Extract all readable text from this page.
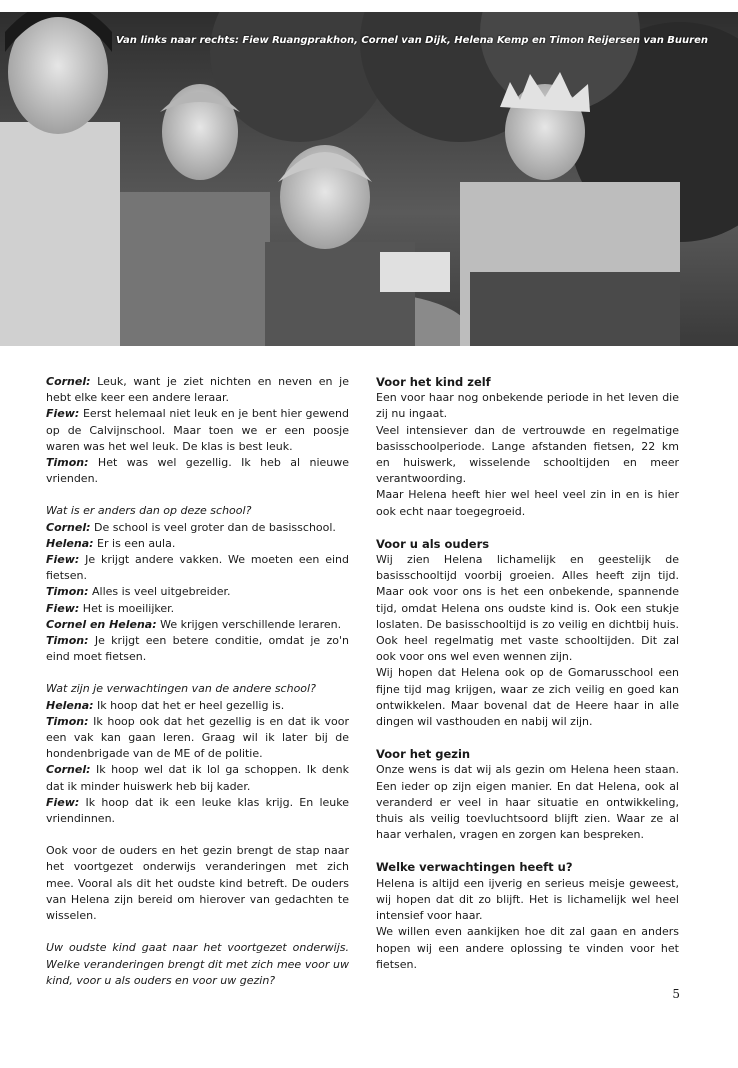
Van links naar rechts: Fiew Ruangprakhon, Cornel van Dijk, Helena Kemp en Timon Reijersen van Buuren

Cornel: Leuk, want je ziet nichten en neven en je hebt elke keer een andere leraar.

Fiew: Eerst helemaal niet leuk en je bent hier gewend op de Calvijnschool. Maar toen we er een poosje waren was het wel leuk. De klas is best leuk.

Timon: Het was wel gezellig. Ik heb al nieuwe vrienden.

Wat is er anders dan op deze school?

Cornel: De school is veel groter dan de basisschool.

Helena: Er is een aula.

Fiew: Je krijgt andere vakken. We moeten een eind fietsen.

Timon: Alles is veel uitgebreider.

Fiew: Het is moeilijker.

Cornel en Helena: We krijgen verschillende leraren.

Timon: Je krijgt een betere conditie, omdat je zo'n eind moet fietsen.

Wat zijn je verwachtingen van de andere school?

Helena: Ik hoop dat het er heel gezellig is.

Timon: Ik hoop ook dat het gezellig is en dat ik voor een vak kan gaan leren. Graag wil ik later bij de hondenbrigade van de ME of de politie.

Cornel: Ik hoop wel dat ik lol ga schoppen. Ik denk dat ik minder huiswerk heb bij kader.

Fiew: Ik hoop dat ik een leuke klas krijg. En leuke vriendinnen.

Ook voor de ouders en het gezin brengt de stap naar het voortgezet onderwijs veranderingen met zich mee. Vooral als dit het oudste kind betreft. De ouders van Helena zijn bereid om hierover van gedachten te wisselen.

Uw oudste kind gaat naar het voortgezet onderwijs. Welke veranderingen brengt dit met zich mee voor uw kind, voor u als ouders en voor uw gezin?

Voor het kind zelf

Een voor haar nog onbekende periode in het leven die zij nu ingaat.

Veel intensiever dan de vertrouwde en regelmatige basisschoolperiode. Lange afstanden fietsen, 22 km en huiswerk, wisselende schooltijden en meer verantwoording.

Maar Helena heeft hier wel heel veel zin in en is hier ook echt naar toegegroeid.

Voor u als ouders

Wij zien Helena lichamelijk en geestelijk de basisschooltijd voorbij groeien. Alles heeft zijn tijd. Maar ook voor ons is het een onbekende, spannende tijd, omdat Helena ons oudste kind is. Ook een stukje loslaten. De basisschooltijd is zo veilig en dichtbij huis. Ook heel regelmatig met vaste schooltijden. Dit zal ook voor ons wel even wennen zijn.

Wij hopen dat Helena ook op de Gomarusschool een fijne tijd mag krijgen, waar ze zich veilig en goed kan ontwikkelen. Maar bovenal dat de Heere haar in alle dingen wil vasthouden en nabij wil zijn.

Voor het gezin

Onze wens is dat wij als gezin om Helena heen staan. Een ieder op zijn eigen manier. En dat Helena, ook al veranderd er veel in haar situatie en ontwikkeling, thuis als veilig toevluchtsoord blijft zien. Waar ze al haar verhalen, vragen en zorgen kan bespreken.

Welke verwachtingen heeft u?

Helena is altijd een ijverig en serieus meisje geweest, wij hopen dat dit zo blijft. Het is lichamelijk wel heel intensief voor haar.

We willen even aankijken hoe dit zal gaan en anders hopen wij een andere oplossing te vinden voor het fietsen.

5
